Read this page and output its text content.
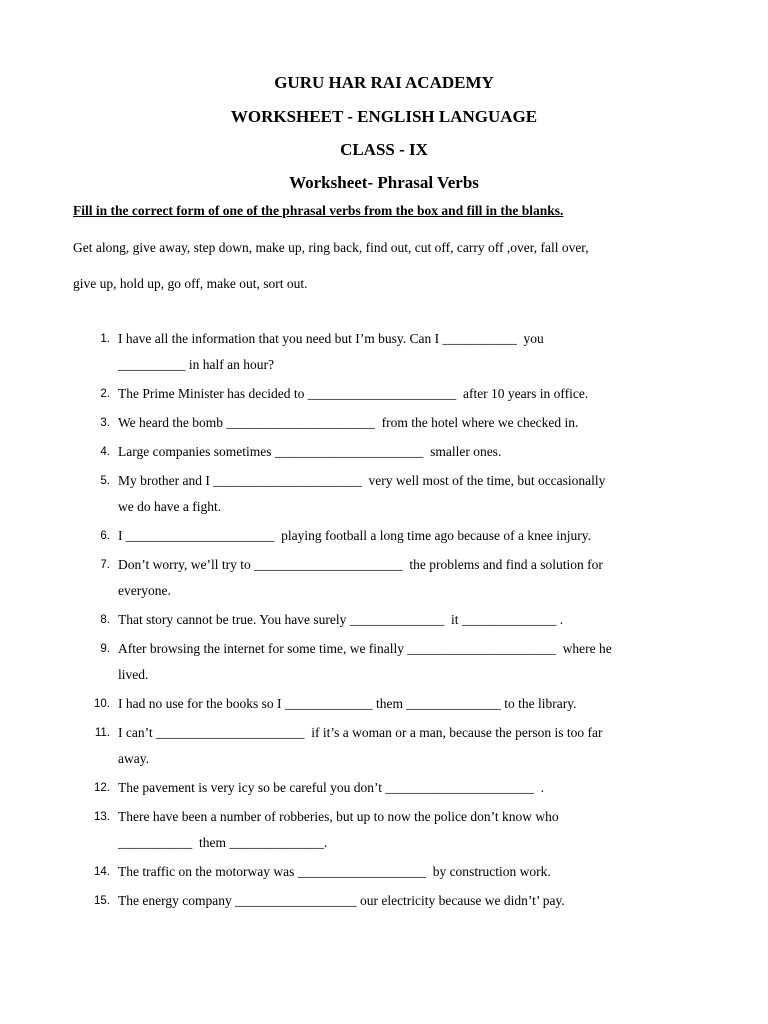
GURU HAR RAI ACADEMY
WORKSHEET - ENGLISH LANGUAGE
CLASS - IX
Worksheet- Phrasal Verbs
Fill in the correct form of one of the phrasal verbs from the box and fill in the blanks.
Get along, give away, step down, make up, ring back, find out, cut off, carry off ,over, fall over,
give up, hold up, go off, make out, sort out.
1. I have all the information that you need but I’m busy. Can I ___________  you
__________ in half an hour?
2. The Prime Minister has decided to ______________________  after 10 years in office.
3. We heard the bomb ______________________  from the hotel where we checked in.
4. Large companies sometimes ______________________  smaller ones.
5. My brother and I ______________________  very well most of the time, but occasionally
we do have a fight.
6. I ______________________  playing football a long time ago because of a knee injury.
7. Don’t worry, we’ll try to ______________________  the problems and find a solution for
everyone.
8. That story cannot be true. You have surely ______________  it ______________ .
9. After browsing the internet for some time, we finally ______________________  where he
lived.
10. I had no use for the books so I _____________ them ______________ to the library.
11. I can’t ______________________  if it’s a woman or a man, because the person is too far
away.
12. The pavement is very icy so be careful you don’t ______________________  .
13. There have been a number of robberies, but up to now the police don’t know who
___________  them ______________.
14. The traffic on the motorway was ___________________  by construction work.
15. The energy company __________________ our electricity because we didn’t’ pay.
